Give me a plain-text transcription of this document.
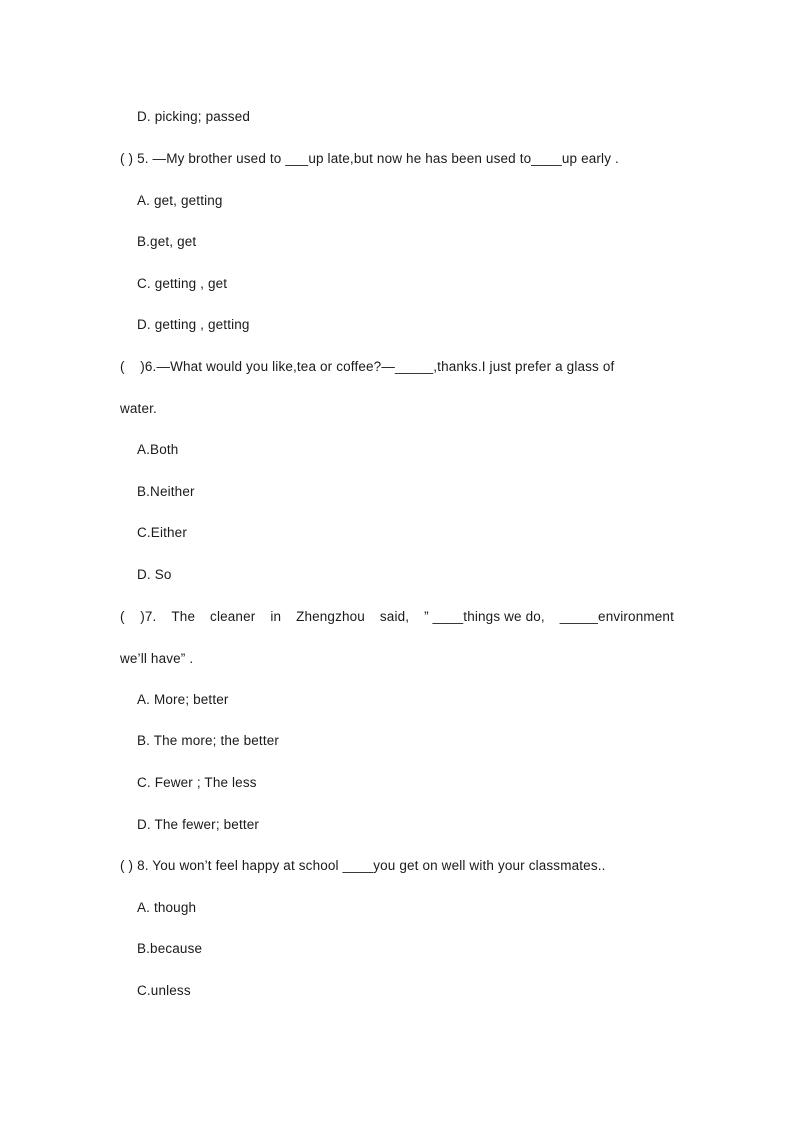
D. picking; passed
( ) 5. —My brother used to ___up late,but now he has been used to____up early .
A. get, getting
B.get, get
C. getting , get
D. getting , getting
(    )6.—What would you like,tea or coffee?—_____,thanks.I just prefer a glass of
water.
A.Both
B.Neither
C.Either
D. So
(    )7. The cleaner in Zhengzhou said, ” ____things we do, _____environment
we’ll have” .
A. More; better
B. The more; the better
C. Fewer ; The less
D. The fewer; better
( ) 8. You won’t feel happy at school ____you get on well with your classmates..
A. though
B.because
C.unless
